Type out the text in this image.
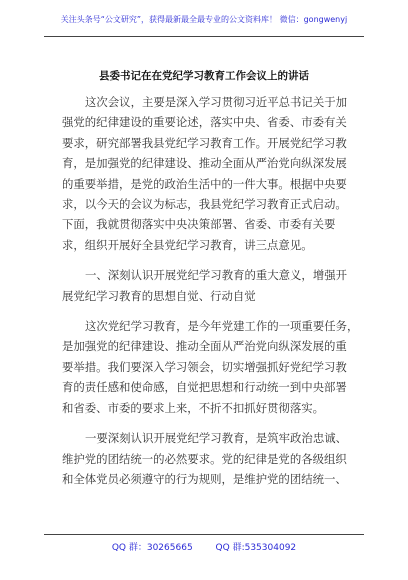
关注头条号“公文研究”，获得最新最全最专业的公文资料库！ 微信：gongwenyj
县委书记在在党纪学习教育工作会议上的讲话

这次会议，主要是深入学习贯彻习近平总书记关于加
强党的纪律建设的重要论述，落实中央、省委、市委有关
要求，研究部署我县党纪学习教育工作。开展党纪学习教
育，是加强党的纪律建设、推动全面从严治党向纵深发展
的重要举措，是党的政治生活中的一件大事。根据中央要
求，以今天的会议为标志，我县党纪学习教育正式启动。
下面，我就贯彻落实中央决策部署、省委、市委有关要
求，组织开展好全县党纪学习教育，讲三点意见。

一、深刻认识开展党纪学习教育的重大意义，增强开
展党纪学习教育的思想自觉、行动自觉

这次党纪学习教育，是今年党建工作的一项重要任务，
是加强党的纪律建设、推动全面从严治党向纵深发展的重
要举措。我们要深入学习领会，切实增强抓好党纪学习教
育的责任感和使命感，自觉把思想和行动统一到中央部署
和省委、市委的要求上来，不折不扣抓好贯彻落实。

一要深刻认识开展党纪学习教育，是筑牢政治忠诚、
维护党的团结统一的必然要求。党的纪律是党的各级组织
和全体党员必须遵守的行为规则，是维护党的团结统一、

QQ 群：30265665	QQ 群:535304092
